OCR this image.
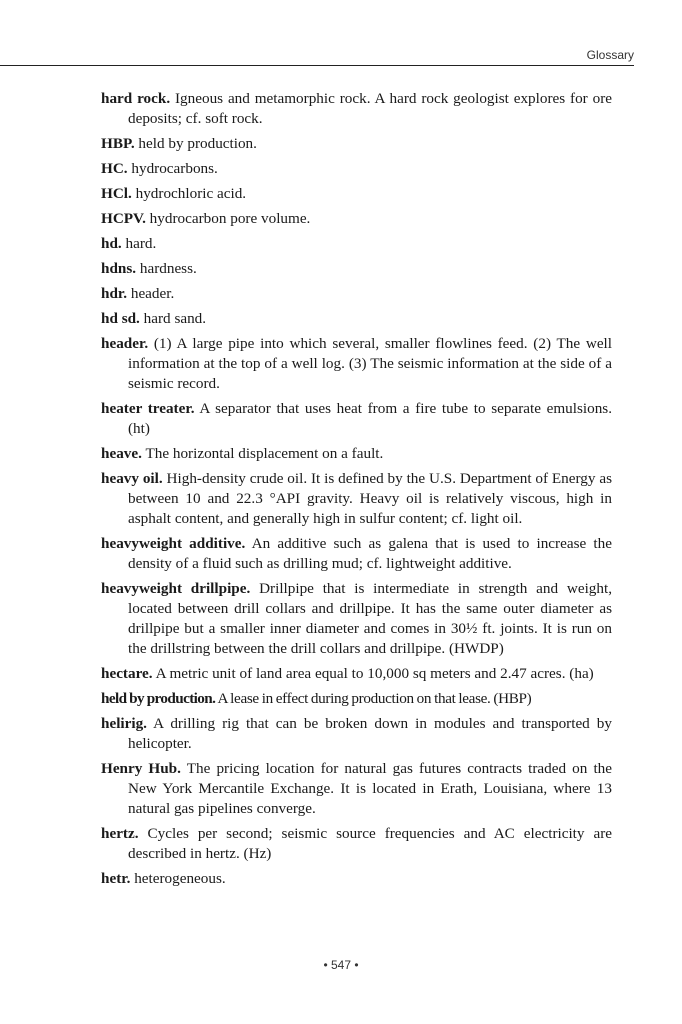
Glossary

hard rock. Igneous and metamorphic rock. A hard rock geologist explores for ore deposits; cf. soft rock.

HBP. held by production.

HC. hydrocarbons.

HCl. hydrochloric acid.

HCPV. hydrocarbon pore volume.

hd. hard.

hdns. hardness.

hdr. header.

hd sd. hard sand.

header. (1) A large pipe into which several, smaller flowlines feed. (2) The well information at the top of a well log. (3) The seismic information at the side of a seismic record.

heater treater. A separator that uses heat from a fire tube to separate emulsions. (ht)

heave. The horizontal displacement on a fault.

heavy oil. High-density crude oil. It is defined by the U.S. Department of Energy as between 10 and 22.3 °API gravity. Heavy oil is relatively viscous, high in asphalt content, and generally high in sulfur content; cf. light oil.

heavyweight additive. An additive such as galena that is used to increase the density of a fluid such as drilling mud; cf. lightweight additive.

heavyweight drillpipe. Drillpipe that is intermediate in strength and weight, located between drill collars and drillpipe. It has the same outer diameter as drillpipe but a smaller inner diameter and comes in 30½ ft. joints. It is run on the drillstring between the drill collars and drillpipe. (HWDP)

hectare. A metric unit of land area equal to 10,000 sq meters and 2.47 acres. (ha)

held by production. A lease in effect during production on that lease. (HBP)

helirig. A drilling rig that can be broken down in modules and transported by helicopter.

Henry Hub. The pricing location for natural gas futures contracts traded on the New York Mercantile Exchange. It is located in Erath, Louisiana, where 13 natural gas pipelines converge.

hertz. Cycles per second; seismic source frequencies and AC electricity are described in hertz. (Hz)

hetr. heterogeneous.

• 547 •
